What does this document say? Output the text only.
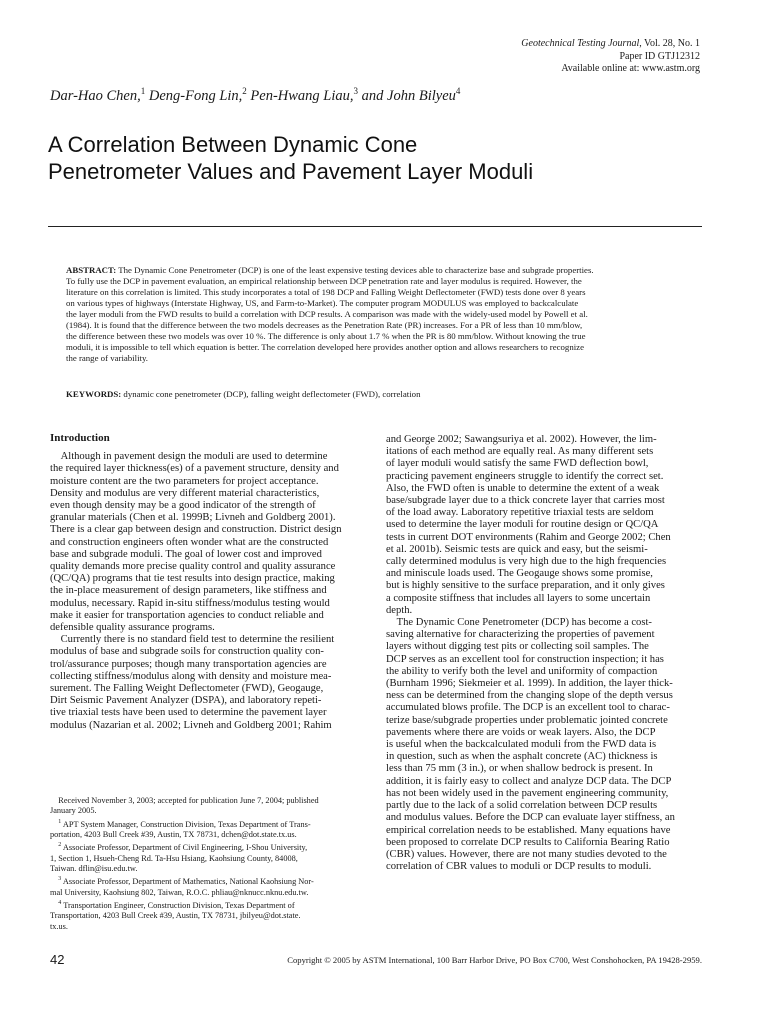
Geotechnical Testing Journal, Vol. 28, No. 1
Paper ID GTJ12312
Available online at: www.astm.org
Dar-Hao Chen,$^1$ Deng-Fong Lin,$^2$ Pen-Hwang Liau,$^3$ and John Bilyeu$^4$
A Correlation Between Dynamic Cone
Penetrometer Values and Pavement Layer Moduli
ABSTRACT: The Dynamic Cone Penetrometer (DCP) is one of the least expensive testing devices able to characterize base and subgrade properties.
To fully use the DCP in pavement evaluation, an empirical relationship between DCP penetration rate and layer modulus is required. However, the
literature on this correlation is limited. This study incorporates a total of 198 DCP and Falling Weight Deflectometer (FWD) tests done over 8 years
on various types of highways (Interstate Highway, US, and Farm-to-Market). The computer program MODULUS was employed to backcalculate
the layer moduli from the FWD results to build a correlation with DCP results. A comparison was made with the widely-used model by Powell et al.
(1984). It is found that the difference between the two models decreases as the Penetration Rate (PR) increases. For a PR of less than 10 mm/blow,
the difference between these two models was over 10 %. The difference is only about 1.7 % when the PR is 80 mm/blow. Without knowing the true
moduli, it is impossible to tell which equation is better. The correlation developed here provides another option and allows researchers to recognize
the range of variability.
KEYWORDS: dynamic cone penetrometer (DCP), falling weight deflectometer (FWD), correlation
Introduction
Although in pavement design the moduli are used to determine
the required layer thickness(es) of a pavement structure, density and
moisture content are the two parameters for project acceptance.
Density and modulus are very different material characteristics,
even though density may be a good indicator of the strength of
granular materials (Chen et al. 1999B; Livneh and Goldberg 2001).
There is a clear gap between design and construction. District design
and construction engineers often wonder what are the constructed
base and subgrade moduli. The goal of lower cost and improved
quality demands more precise quality control and quality assurance
(QC/QA) programs that tie test results into design practice, making
the in-place measurement of design parameters, like stiffness and
modulus, necessary. Rapid in-situ stiffness/modulus testing would
make it easier for transportation agencies to conduct reliable and
defensible quality assurance programs.
Currently there is no standard field test to determine the resilient
modulus of base and subgrade soils for construction quality con-
trol/assurance purposes; though many transportation agencies are
collecting stiffness/modulus along with density and moisture mea-
surement. The Falling Weight Deflectometer (FWD), Geogauge,
Dirt Seismic Pavement Analyzer (DSPA), and laboratory repeti-
tive triaxial tests have been used to determine the pavement layer
modulus (Nazarian et al. 2002; Livneh and Goldberg 2001; Rahim
and George 2002; Sawangsuriya et al. 2002). However, the lim-
itations of each method are equally real. As many different sets
of layer moduli would satisfy the same FWD deflection bowl,
practicing pavement engineers struggle to identify the correct set.
Also, the FWD often is unable to determine the extent of a weak
base/subgrade layer due to a thick concrete layer that carries most
of the load away. Laboratory repetitive triaxial tests are seldom
used to determine the layer moduli for routine design or QC/QA
tests in current DOT environments (Rahim and George 2002; Chen
et al. 2001b). Seismic tests are quick and easy, but the seismi-
cally determined modulus is very high due to the high frequencies
and miniscule loads used. The Geogauge shows some promise,
but is highly sensitive to the surface preparation, and it only gives
a composite stiffness that includes all layers to some uncertain
depth.
The Dynamic Cone Penetrometer (DCP) has become a cost-
saving alternative for characterizing the properties of pavement
layers without digging test pits or collecting soil samples. The
DCP serves as an excellent tool for construction inspection; it has
the ability to verify both the level and uniformity of compaction
(Burnham 1996; Siekmeier et al. 1999). In addition, the layer thick-
ness can be determined from the changing slope of the depth versus
accumulated blows profile. The DCP is an excellent tool to charac-
terize base/subgrade properties under problematic jointed concrete
pavements where there are voids or weak layers. Also, the DCP
is useful when the backcalculated moduli from the FWD data is
in question, such as when the asphalt concrete (AC) thickness is
less than 75 mm (3 in.), or when shallow bedrock is present. In
addition, it is fairly easy to collect and analyze DCP data. The DCP
has not been widely used in the pavement engineering community,
partly due to the lack of a solid correlation between DCP results
and modulus values. Before the DCP can evaluate layer stiffness, an
empirical correlation needs to be established. Many equations have
been proposed to correlate DCP results to California Bearing Ratio
(CBR) values. However, there are not many studies devoted to the
correlation of CBR values to moduli or DCP results to moduli.
Received November 3, 2003; accepted for publication June 7, 2004; published
January 2005.
$^1$ APT System Manager, Construction Division, Texas Department of Trans-
portation, 4203 Bull Creek #39, Austin, TX 78731, dchen@dot.state.tx.us.
$^2$ Associate Professor, Department of Civil Engineering, I-Shou University,
1, Section 1, Hsueh-Cheng Rd. Ta-Hsu Hsiang, Kaohsiung County, 84008,
Taiwan. dflin@isu.edu.tw.
$^3$ Associate Professor, Department of Mathematics, National Kaohsiung Nor-
mal University, Kaohsiung 802, Taiwan, R.O.C. phliau@nknucc.nknu.edu.tw.
$^4$ Transportation Engineer, Construction Division, Texas Department of
Transportation, 4203 Bull Creek #39, Austin, TX 78731, jbilyeu@dot.state.
tx.us.
42	Copyright © 2005 by ASTM International, 100 Barr Harbor Drive, PO Box C700, West Conshohocken, PA 19428-2959.
